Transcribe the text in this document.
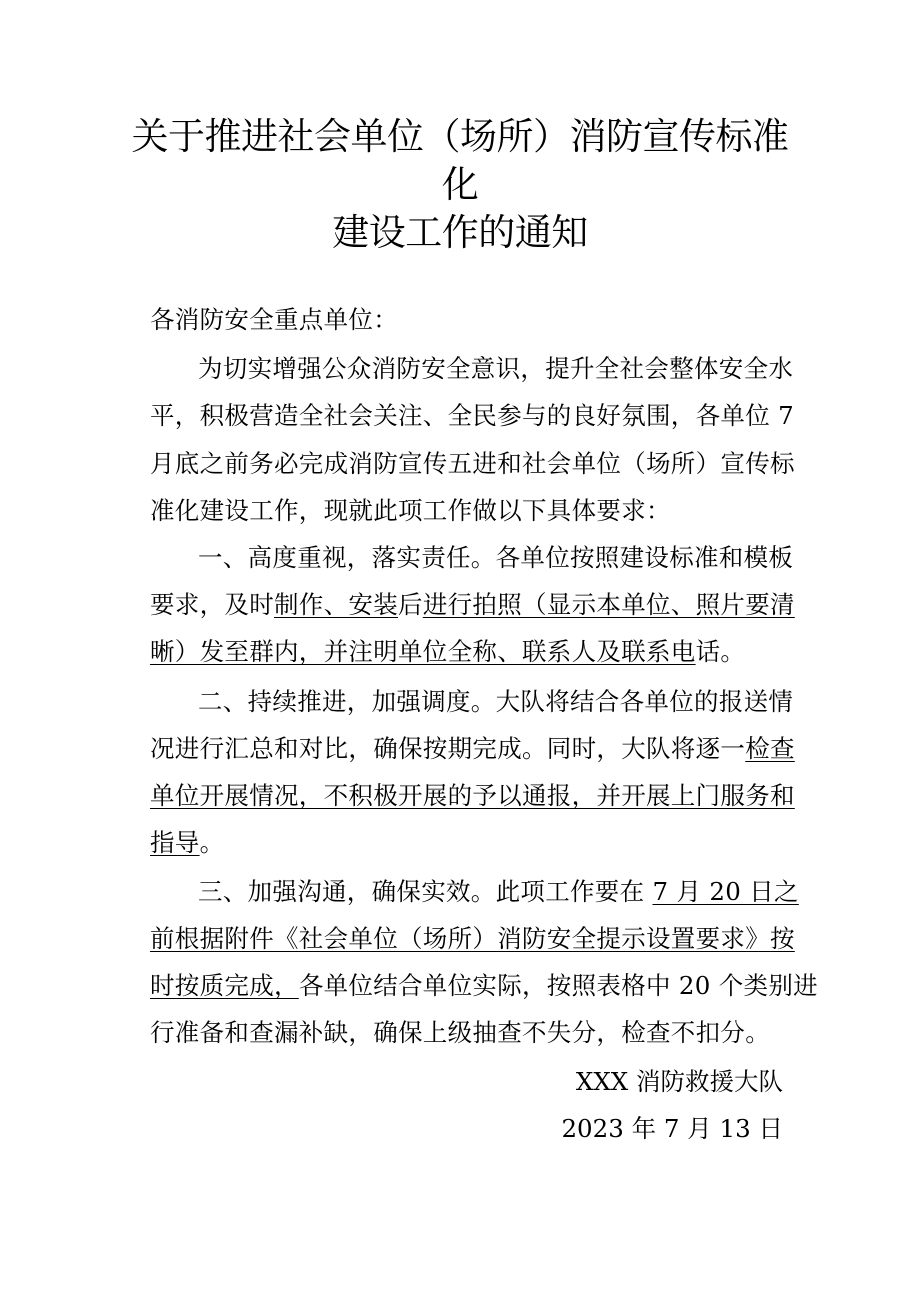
关于推进社会单位（场所）消防宣传标准
化
建设工作的通知
各消防安全重点单位：
为切实增强公众消防安全意识，提升全社会整体安全水
平，积极营造全社会关注、全民参与的良好氛围，各单位 7
月底之前务必完成消防宣传五进和社会单位（场所）宣传标
准化建设工作，现就此项工作做以下具体要求：
一、高度重视，落实责任。各单位按照建设标准和模板
要求，及时制作、安装后进行拍照（显示本单位、照片要清
晰）发至群内，并注明单位全称、联系人及联系电话。
二、持续推进，加强调度。大队将结合各单位的报送情
况进行汇总和对比，确保按期完成。同时，大队将逐一检查
单位开展情况，不积极开展的予以通报，并开展上门服务和
指导。
三、加强沟通，确保实效。此项工作要在 7 月 20 日之
前根据附件《社会单位（场所）消防安全提示设置要求》按
时按质完成，各单位结合单位实际，按照表格中 20 个类别进
行准备和查漏补缺，确保上级抽查不失分，检查不扣分。
XXX 消防救援大队
2023 年 7 月 13 日
